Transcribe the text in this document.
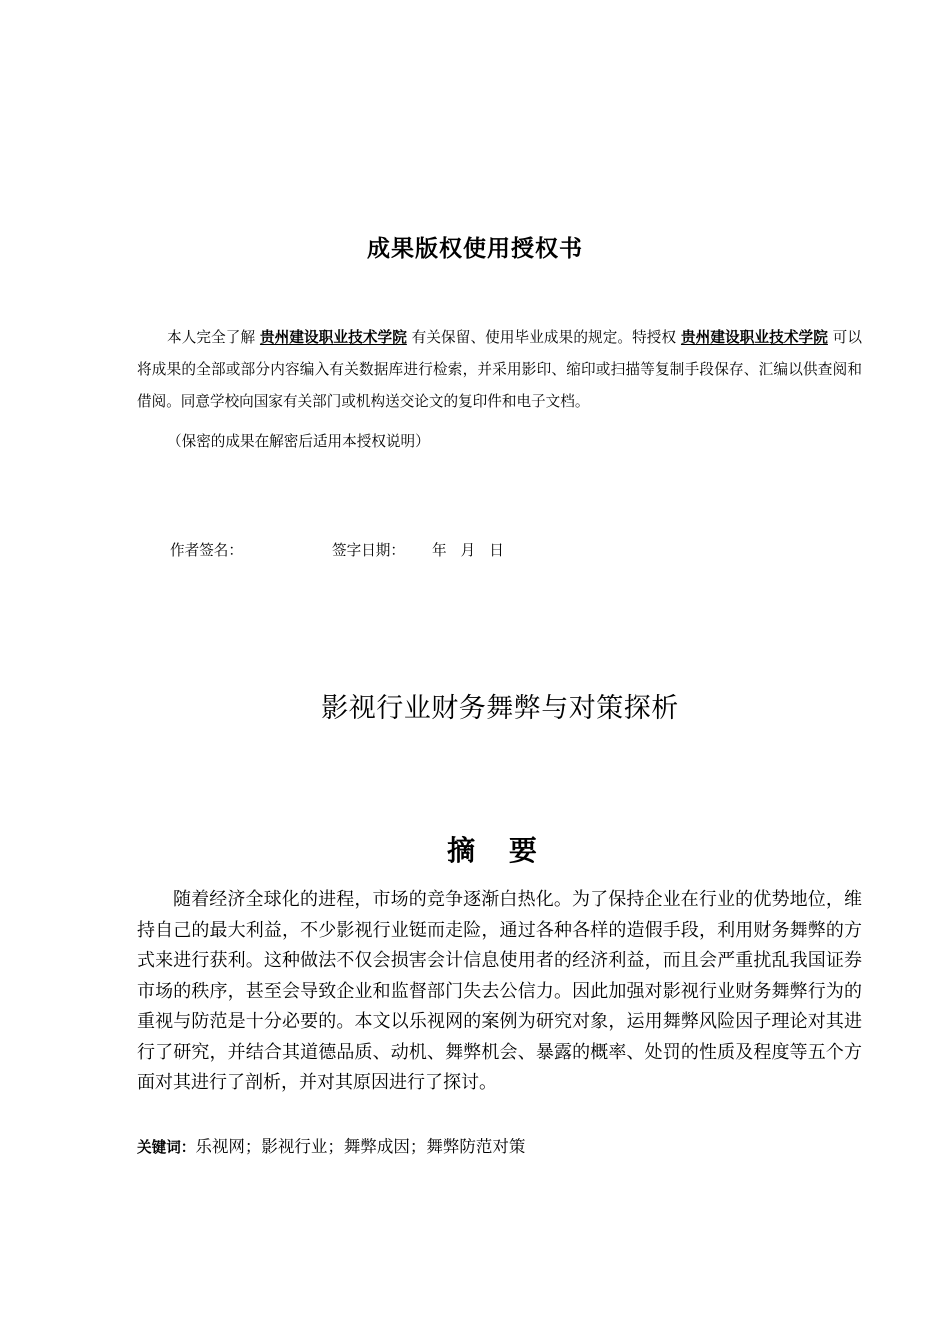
成果版权使用授权书
本人完全了解 贵州建设职业技术学院 有关保留、使用毕业成果的规定。特授权 贵州建设职业技术学院 可以将成果的全部或部分内容编入有关数据库进行检索，并采用影印、缩印或扫描等复制手段保存、汇编以供查阅和借阅。同意学校向国家有关部门或机构送交论文的复印件和电子文档。
（保密的成果在解密后适用本授权说明）
作者签名：	签字日期： 年 月 日
影视行业财务舞弊与对策探析
摘 要
随着经济全球化的进程，市场的竞争逐渐白热化。为了保持企业在行业的优势地位，维持自己的最大利益，不少影视行业铤而走险，通过各种各样的造假手段，利用财务舞弊的方式来进行获利。这种做法不仅会损害会计信息使用者的经济利益，而且会严重扰乱我国证券市场的秩序，甚至会导致企业和监督部门失去公信力。因此加强对影视行业财务舞弊行为的重视与防范是十分必要的。本文以乐视网的案例为研究对象，运用舞弊风险因子理论对其进行了研究，并结合其道德品质、动机、舞弊机会、暴露的概率、处罚的性质及程度等五个方面对其进行了剖析，并对其原因进行了探讨。
关键词：乐视网；影视行业；舞弊成因；舞弊防范对策
